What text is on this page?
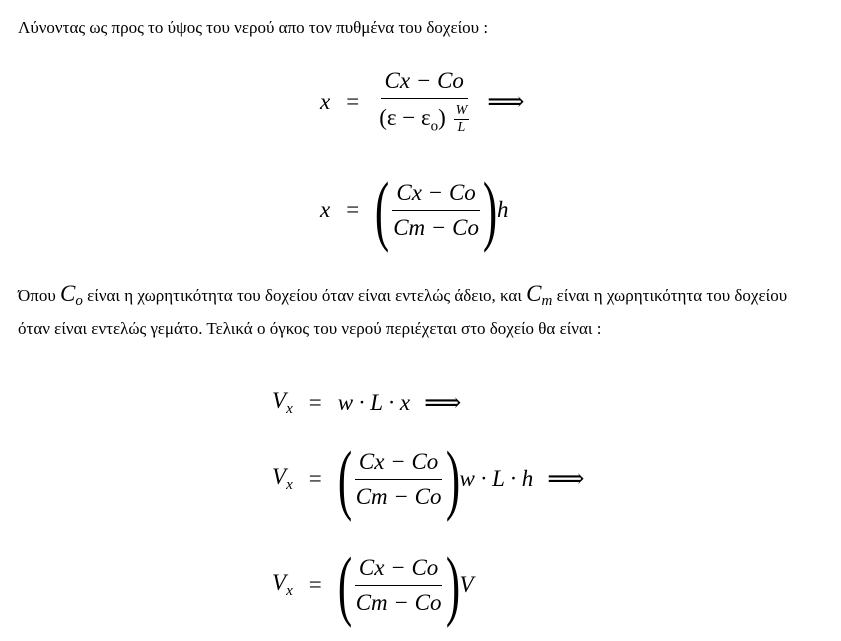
Λύνοντας ως προς το ύψος του νερού απο τον πυθμένα του δοχείου :

$x = \frac{Cx - Co}{(\varepsilon - \varepsilon_o) \frac{W}{L}}$ ⟹
x = ( $\frac{Cx - Co}{Cm - Co}$ ) h

Όπου $C_o$ είναι η χωρητικότητα του δοχείου όταν είναι εντελώς άδειο, και $C_m$ είναι η χωρητικότητα του δοχείου όταν είναι εντελώς γεμάτο. Τελικά ο όγκος του νερού περιέχεται στο δοχείο θα είναι :

$V_x = w \cdot L \cdot x$ ⟹
$V_x$ = ( $\frac{Cx - Co}{Cm - Co}$ ) w · L · h ⟹
$V_x$ = ( $\frac{Cx - Co}{Cm - Co}$ ) V
